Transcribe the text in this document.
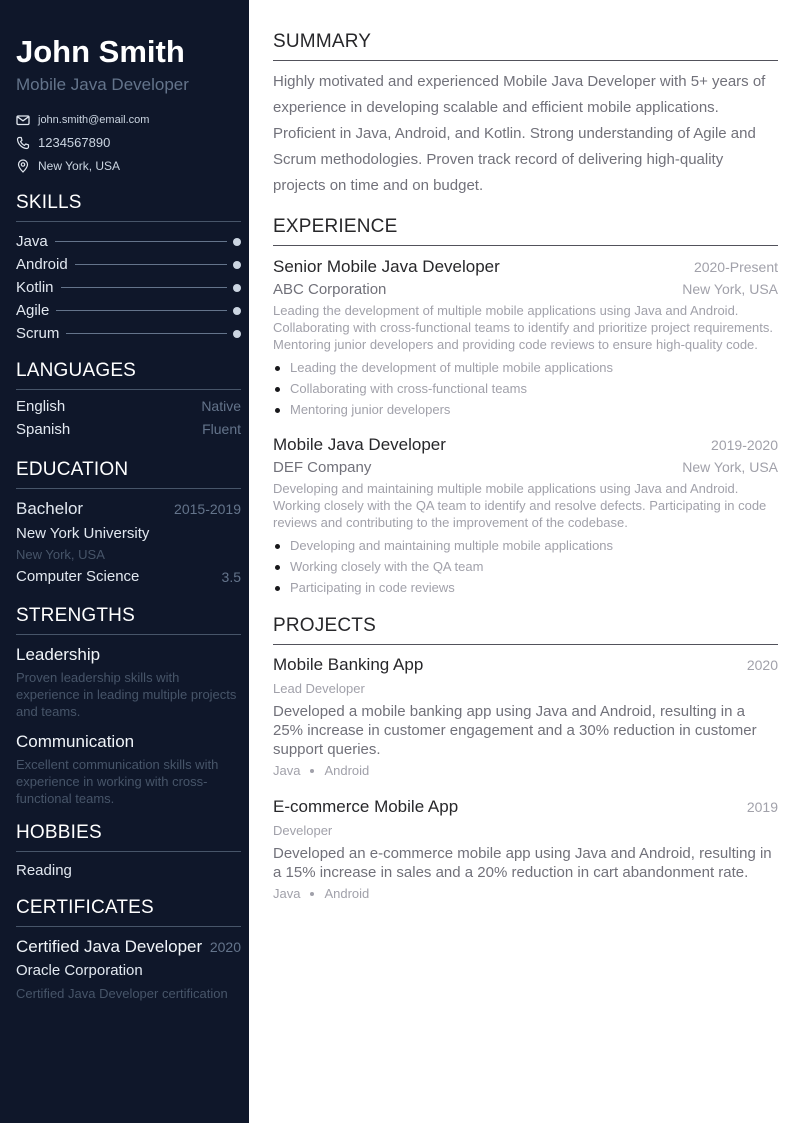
John Smith
Mobile Java Developer
john.smith@email.com
1234567890
New York, USA
SKILLS
Java
Android
Kotlin
Agile
Scrum
LANGUAGES
English	Native
Spanish	Fluent
EDUCATION
Bachelor	2015-2019
New York University
New York, USA
Computer Science	3.5
STRENGTHS
Leadership
Proven leadership skills with experience in leading multiple projects and teams.
Communication
Excellent communication skills with experience in working with cross-functional teams.
HOBBIES
Reading
CERTIFICATES
Certified Java Developer 2020
Oracle Corporation
Certified Java Developer certification
SUMMARY

Highly motivated and experienced Mobile Java Developer with 5+ years of experience in developing scalable and efficient mobile applications. Proficient in Java, Android, and Kotlin. Strong understanding of Agile and Scrum methodologies. Proven track record of delivering high-quality projects on time and on budget.

EXPERIENCE
Senior Mobile Java Developer	2020-Present
ABC Corporation	New York, USA
Leading the development of multiple mobile applications using Java and Android. Collaborating with cross-functional teams to identify and prioritize project requirements. Mentoring junior developers and providing code reviews to ensure high-quality code.
Leading the development of multiple mobile applications
Collaborating with cross-functional teams
Mentoring junior developers
Mobile Java Developer	2019-2020
DEF Company	New York, USA
Developing and maintaining multiple mobile applications using Java and Android. Working closely with the QA team to identify and resolve defects. Participating in code reviews and contributing to the improvement of the codebase.
Developing and maintaining multiple mobile applications
Working closely with the QA team
Participating in code reviews
PROJECTS
Mobile Banking App	2020
Lead Developer
Developed a mobile banking app using Java and Android, resulting in a 25% increase in customer engagement and a 30% reduction in customer support queries.
Java Android
E-commerce Mobile App	2019
Developer
Developed an e-commerce mobile app using Java and Android, resulting in a 15% increase in sales and a 20% reduction in cart abandonment rate.
Java Android
